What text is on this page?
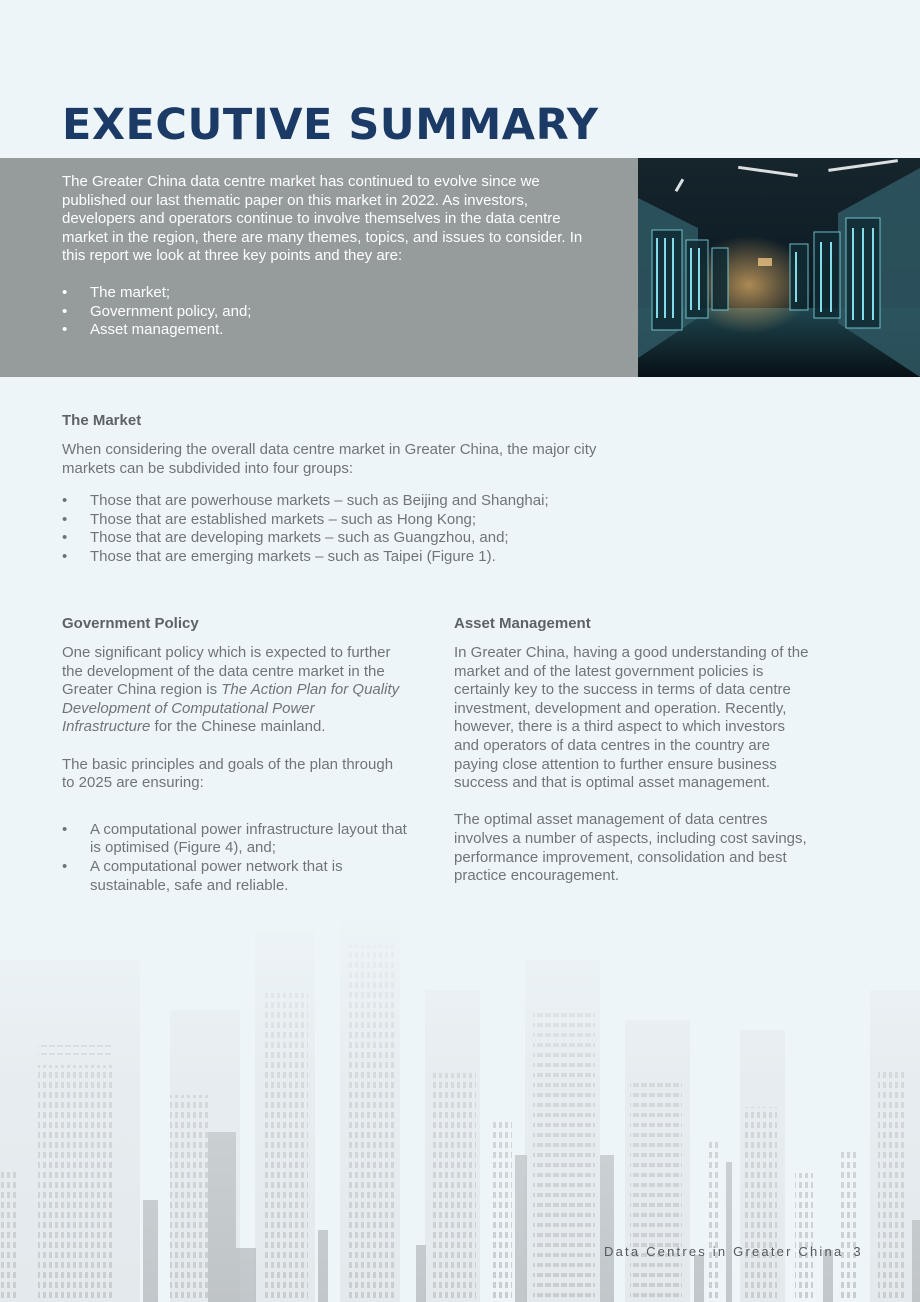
EXECUTIVE SUMMARY

The Greater China data centre market has continued to evolve since we published our last thematic paper on this market in 2022. As investors, developers and operators continue to involve themselves in the data centre market in the region, there are many themes, topics, and issues to consider. In this report we look at three key points and they are:

• The market;
• Government policy, and;
• Asset management.
The Market

When considering the overall data centre market in Greater China, the major city markets can be subdivided into four groups:

• Those that are powerhouse markets – such as Beijing and Shanghai;
• Those that are established markets – such as Hong Kong;
• Those that are developing markets – such as Guangzhou, and;
• Those that are emerging markets – such as Taipei (Figure 1).
Government Policy

One significant policy which is expected to further the development of the data centre market in the Greater China region is The Action Plan for Quality Development of Computational Power Infrastructure for the Chinese mainland.

The basic principles and goals of the plan through to 2025 are ensuring:

• A computational power infrastructure layout that is optimised (Figure 4), and;
• A computational power network that is sustainable, safe and reliable.
Asset Management

In Greater China, having a good understanding of the market and of the latest government policies is certainly key to the success in terms of data centre investment, development and operation. Recently, however, there is a third aspect to which investors and operators of data centres in the country are paying close attention to further ensure business success and that is optimal asset management.

The optimal asset management of data centres involves a number of aspects, including cost savings, performance improvement, consolidation and best practice encouragement.

Data Centres in Greater China 3
